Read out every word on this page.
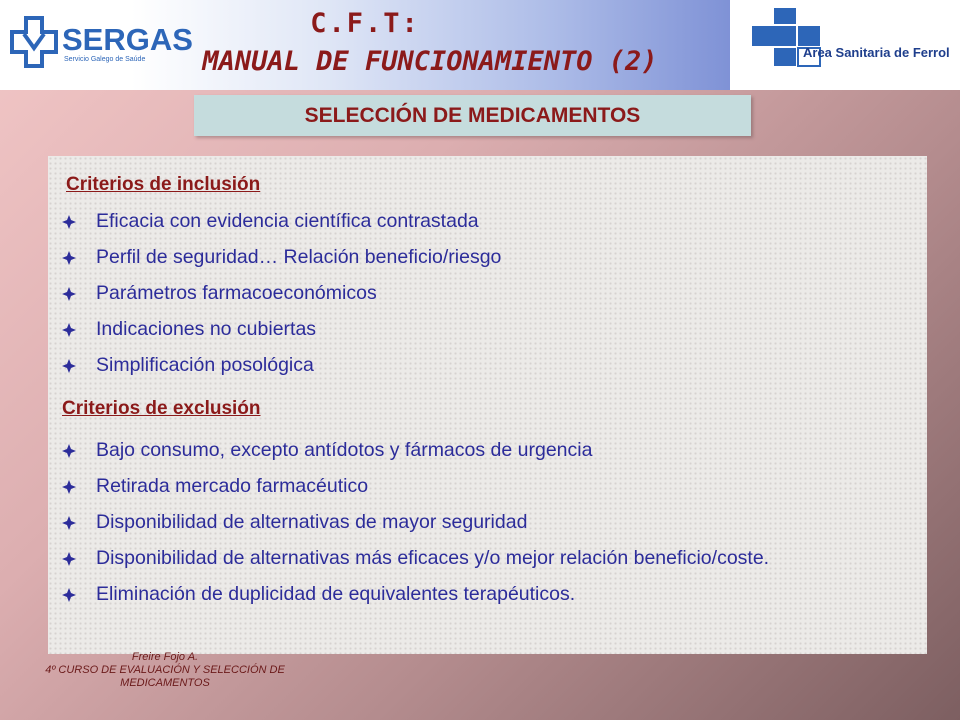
SERGAS
Servicio Galego de Saúde
C.F.T:
MANUAL DE FUNCIONAMIENTO (2)	Area Sanitaria de Ferrol
SELECCIÓN DE MEDICAMENTOS
Criterios de inclusión
Eficacia con evidencia científica contrastada
Perfil de seguridad… Relación beneficio/riesgo
Parámetros farmacoeconómicos
Indicaciones no cubiertas
Simplificación posológica
Criterios de exclusión
Bajo consumo, excepto antídotos y fármacos de urgencia
Retirada mercado farmacéutico
Disponibilidad de alternativas de mayor seguridad
Disponibilidad de alternativas más eficaces y/o mejor relación beneficio/coste.
Eliminación de duplicidad de equivalentes terapéuticos.
Freire Fojo A.
4º CURSO DE EVALUACIÓN Y SELECCIÓN DE MEDICAMENTOS
